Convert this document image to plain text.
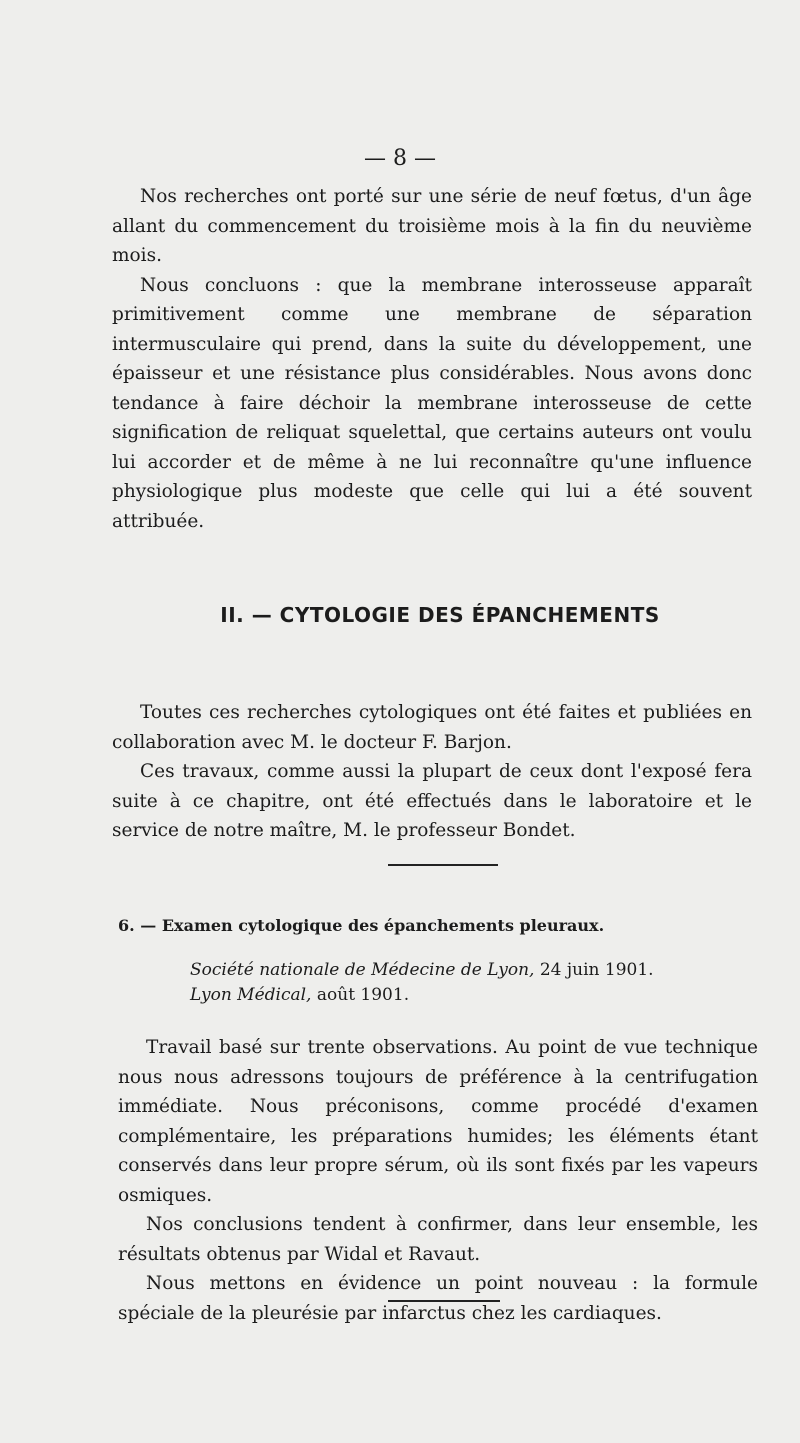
— 8 —

Nos recherches ont porté sur une série de neuf fœtus, d'un âge allant du commencement du troisième mois à la fin du neuvième mois.

Nous concluons : que la membrane interosseuse apparaît primitivement comme une membrane de séparation intermusculaire qui prend, dans la suite du développement, une épaisseur et une résistance plus considérables. Nous avons donc tendance à faire déchoir la membrane interosseuse de cette signification de reliquat squelettal, que certains auteurs ont voulu lui accorder et de même à ne lui reconnaître qu'une influence physiologique plus modeste que celle qui lui a été souvent attribuée.

II. — CYTOLOGIE DES ÉPANCHEMENTS

Toutes ces recherches cytologiques ont été faites et publiées en collaboration avec M. le docteur F. Barjon.

Ces travaux, comme aussi la plupart de ceux dont l'exposé fera suite à ce chapitre, ont été effectués dans le laboratoire et le service de notre maître, M. le professeur Bondet.

6. — Examen cytologique des épanchements pleuraux.
Société nationale de Médecine de Lyon, 24 juin 1901.
Lyon Médical, août 1901.

Travail basé sur trente observations. Au point de vue technique nous nous adressons toujours de préférence à la centrifugation immédiate. Nous préconisons, comme procédé d'examen complémentaire, les préparations humides; les éléments étant conservés dans leur propre sérum, où ils sont fixés par les vapeurs osmiques.

Nos conclusions tendent à confirmer, dans leur ensemble, les résultats obtenus par Widal et Ravaut.

Nous mettons en évidence un point nouveau : la formule spéciale de la pleurésie par infarctus chez les cardiaques.
